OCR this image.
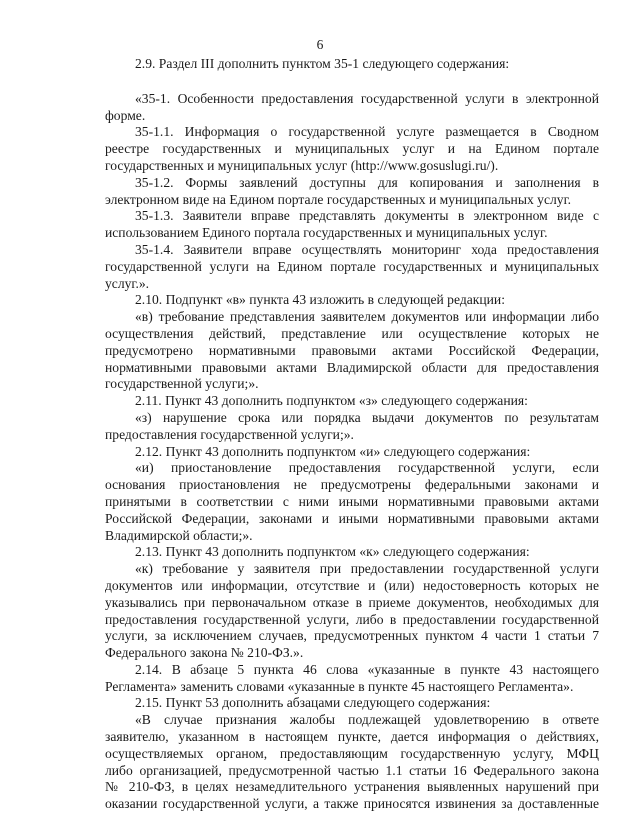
6
2.9. Раздел III дополнить пунктом 35-1 следующего содержания:
«35-1. Особенности предоставления государственной услуги в электронной
форме.
35-1.1. Информация о государственной услуге размещается в Сводном
реестре государственных и муниципальных услуг и на Едином портале
государственных и муниципальных услуг (http://www.gosuslugi.ru/).
35-1.2. Формы заявлений доступны для копирования и заполнения в
электронном виде на Едином портале государственных и муниципальных услуг.
35-1.3. Заявители вправе представлять документы в электронном виде с
использованием Единого портала государственных и муниципальных услуг.
35-1.4. Заявители вправе осуществлять мониторинг хода предоставления
государственной услуги на Едином портале государственных и муниципальных
услуг.».
2.10. Подпункт «в» пункта 43 изложить в следующей редакции:
«в) требование представления заявителем документов или информации либо
осуществления действий, представление или осуществление которых не
предусмотрено нормативными правовыми актами Российской Федерации,
нормативными правовыми актами Владимирской области для предоставления
государственной услуги;».
2.11. Пункт 43 дополнить подпунктом «з» следующего содержания:
«з) нарушение срока или порядка выдачи документов по результатам
предоставления государственной услуги;».
2.12. Пункт 43 дополнить подпунктом «и» следующего содержания:
«и) приостановление предоставления государственной услуги, если
основания приостановления не предусмотрены федеральными законами и
принятыми в соответствии с ними иными нормативными правовыми актами
Российской Федерации, законами и иными нормативными правовыми актами
Владимирской области;».
2.13. Пункт 43 дополнить подпунктом «к» следующего содержания:
«к) требование у заявителя при предоставлении государственной услуги
документов или информации, отсутствие и (или) недостоверность которых не
указывались при первоначальном отказе в приеме документов, необходимых для
предоставления государственной услуги, либо в предоставлении государственной
услуги, за исключением случаев, предусмотренных пунктом 4 части 1 статьи 7
Федерального закона № 210-ФЗ.».
2.14. В абзаце 5 пункта 46 слова «указанные в пункте 43 настоящего
Регламента» заменить словами «указанные в пункте 45 настоящего Регламента».
2.15. Пункт 53 дополнить абзацами следующего содержания:
«В случае признания жалобы подлежащей удовлетворению в ответе
заявителю, указанном в настоящем пункте, дается информация о действиях,
осуществляемых органом, предоставляющим государственную услугу, МФЦ
либо организацией, предусмотренной частью 1.1 статьи 16 Федерального закона
№ 210-ФЗ, в целях незамедлительного устранения выявленных нарушений при
оказании государственной услуги, а также приносятся извинения за доставленные
